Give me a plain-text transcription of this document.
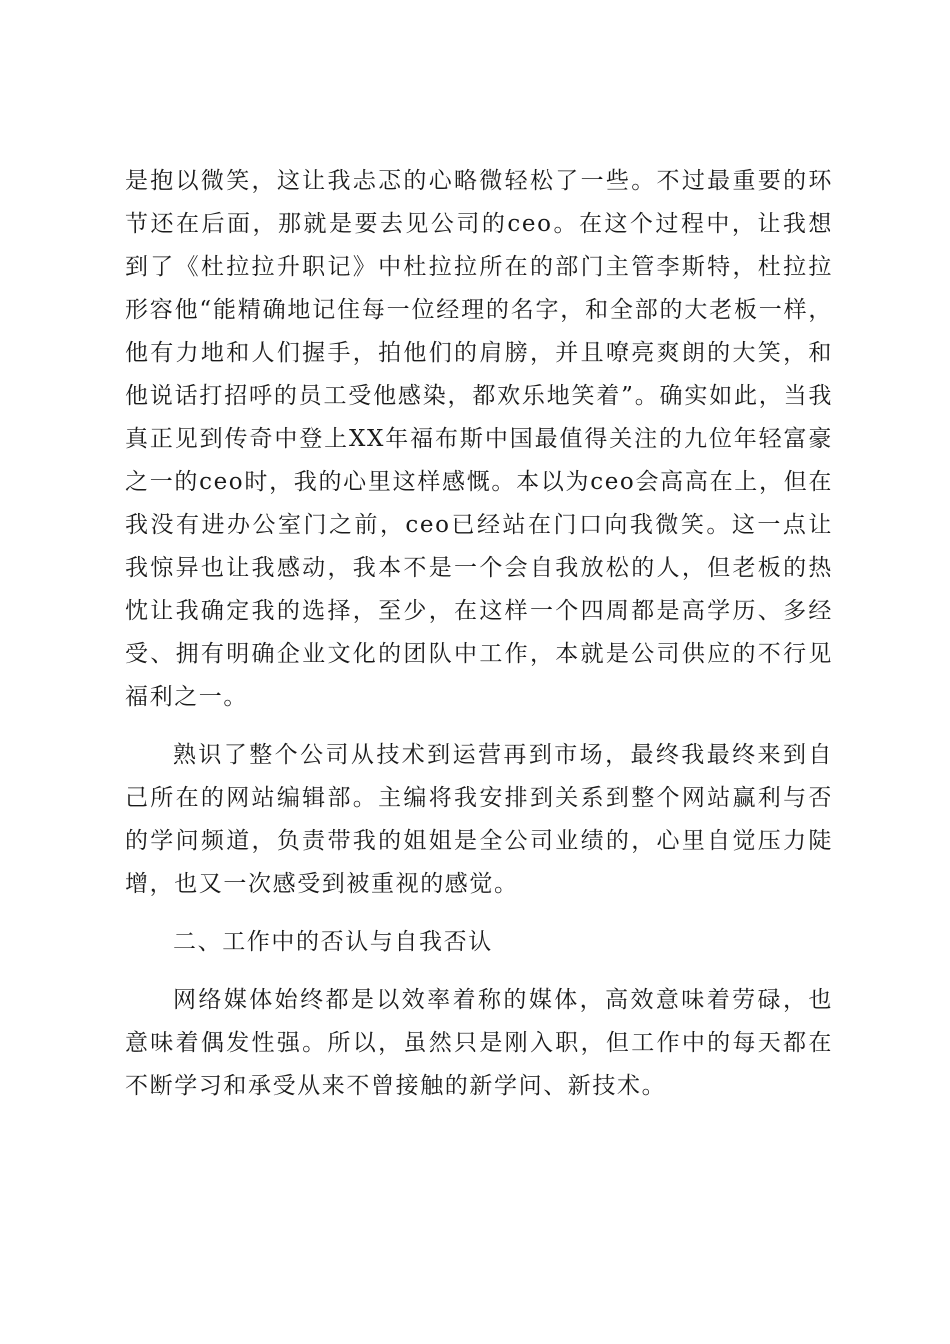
是抱以微笑，这让我忐忑的心略微轻松了一些。不过最重要的环节还在后面，那就是要去见公司的ceo。在这个过程中，让我想到了《杜拉拉升职记》中杜拉拉所在的部门主管李斯特，杜拉拉形容他“能精确地记住每一位经理的名字，和全部的大老板一样，他有力地和人们握手，拍他们的肩膀，并且嘹亮爽朗的大笑，和他说话打招呼的员工受他感染，都欢乐地笑着”。确实如此，当我真正见到传奇中登上XX年福布斯中国最值得关注的九位年轻富豪之一的ceo时，我的心里这样感慨。本以为ceo会高高在上，但在我没有进办公室门之前，ceo已经站在门口向我微笑。这一点让我惊异也让我感动，我本不是一个会自我放松的人，但老板的热忱让我确定我的选择，至少，在这样一个四周都是高学历、多经受、拥有明确企业文化的团队中工作，本就是公司供应的不行见福利之一。

熟识了整个公司从技术到运营再到市场，最终我最终来到自己所在的网站编辑部。主编将我安排到关系到整个网站赢利与否的学问频道，负责带我的姐姐是全公司业绩的，心里自觉压力陡增，也又一次感受到被重视的感觉。

二、工作中的否认与自我否认

网络媒体始终都是以效率着称的媒体，高效意味着劳碌，也意味着偶发性强。所以，虽然只是刚入职，但工作中的每天都在不断学习和承受从来不曾接触的新学问、新技术。
